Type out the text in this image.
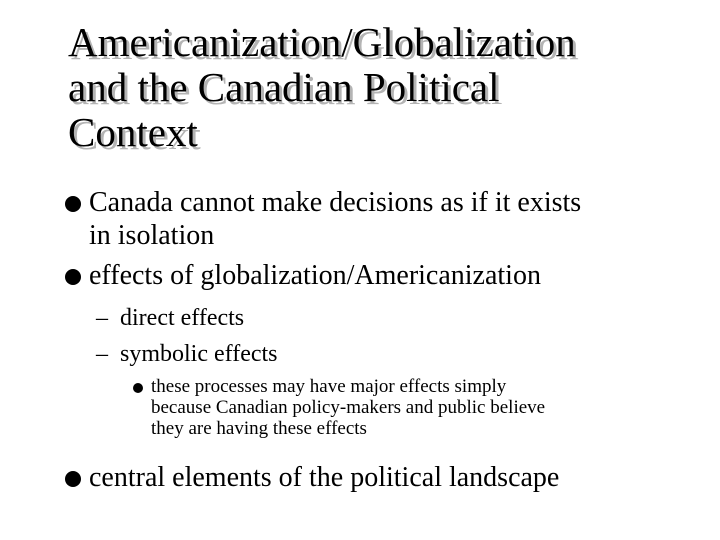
Americanization/Globalization
and the Canadian Political
Context
Canada cannot make decisions as if it exists
in isolation
effects of globalization/Americanization
– direct effects
– symbolic effects
these processes may have major effects simply
because Canadian policy-makers and public believe
they are having these effects
central elements of the political landscape
